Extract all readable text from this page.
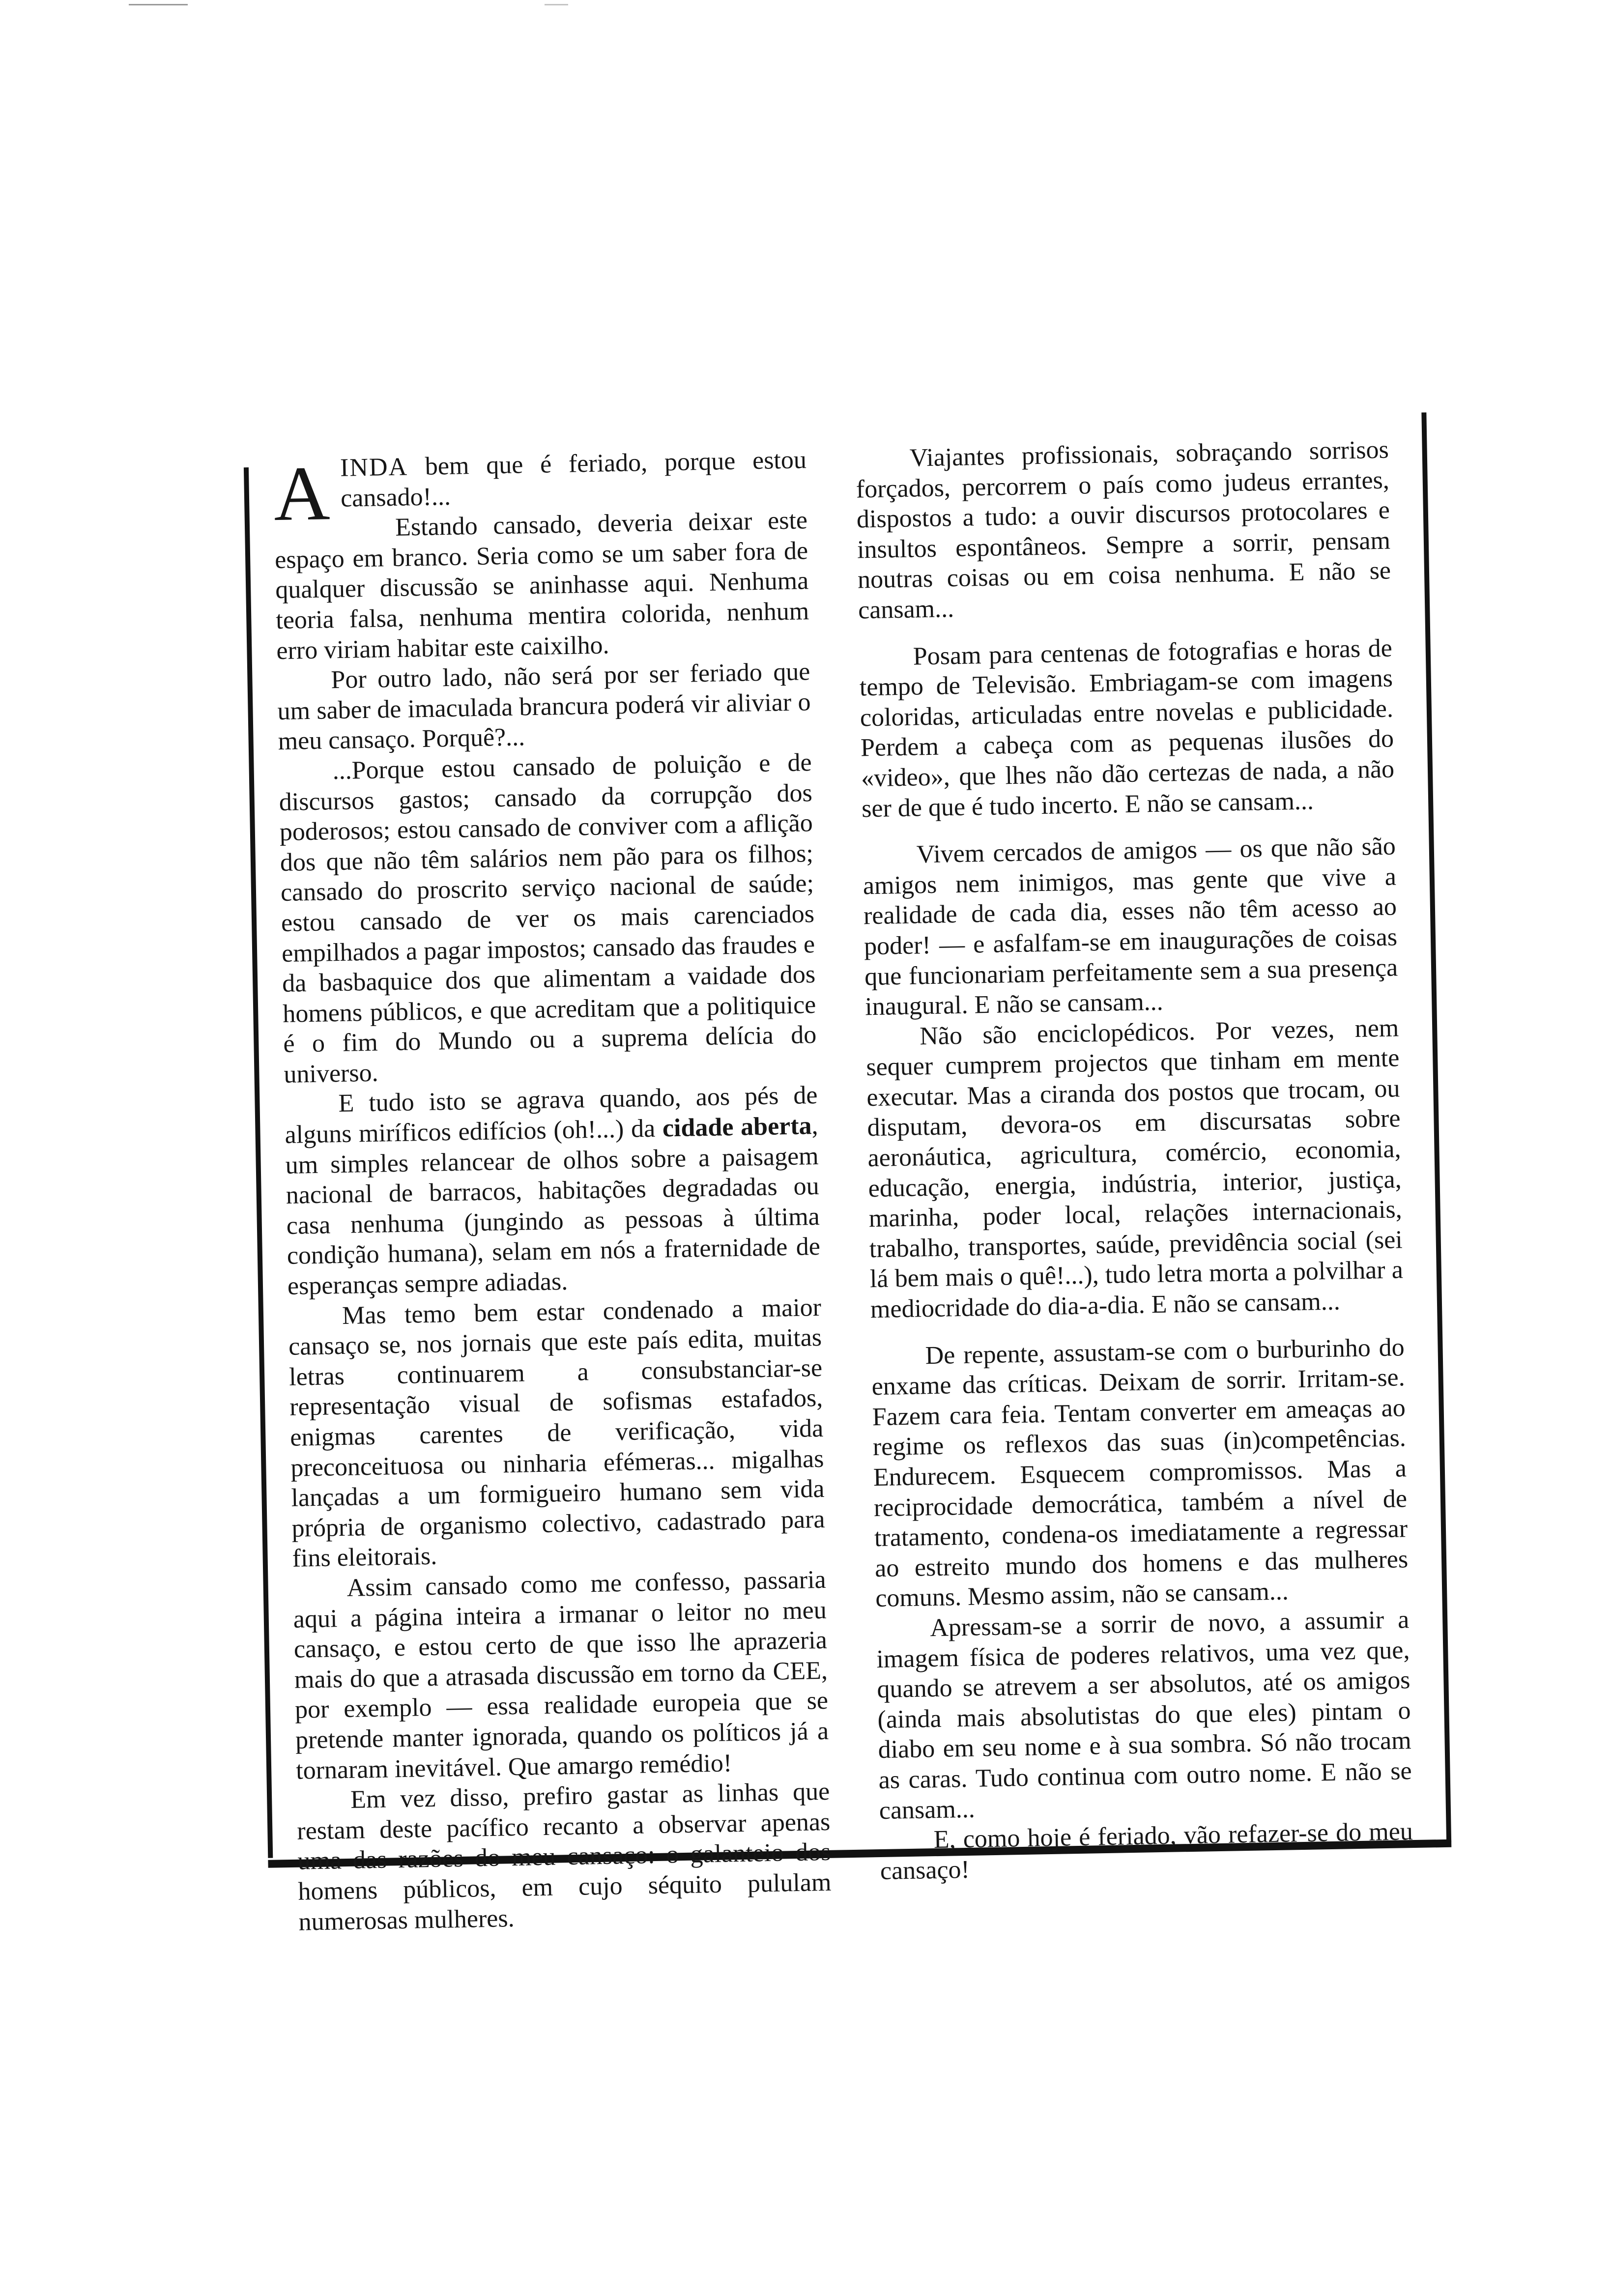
AINDA bem que é feriado, porque estou cansado!...

Estando cansado, deveria deixar este espaço em branco. Seria como se um saber fora de qualquer discussão se aninhasse aqui. Nenhuma teoria falsa, nenhuma mentira colorida, nenhum erro viriam habitar este caixilho.

Por outro lado, não será por ser feriado que um saber de imaculada brancura poderá vir aliviar o meu cansaço. Porquê?...

...Porque estou cansado de poluição e de discursos gastos; cansado da corrupção dos poderosos; estou cansado de conviver com a aflição dos que não têm salários nem pão para os filhos; cansado do proscrito serviço nacional de saúde; estou cansado de ver os mais carenciados empilhados a pagar impostos; cansado das fraudes e da basbaquice dos que alimentam a vaidade dos homens públicos, e que acreditam que a politiquice é o fim do Mundo ou a suprema delícia do universo.

E tudo isto se agrava quando, aos pés de alguns miríficos edifícios (oh!...) da cidade aberta, um simples relancear de olhos sobre a paisagem nacional de barracos, habitações degradadas ou casa nenhuma (jungindo as pessoas à última condição humana), selam em nós a fraternidade de esperanças sempre adiadas.

Mas temo bem estar condenado a maior cansaço se, nos jornais que este país edita, muitas letras continuarem a consubstanciar-se representação visual de sofismas estafados, enigmas carentes de verificação, vida preconceituosa ou ninharia efémeras... migalhas lançadas a um formigueiro humano sem vida própria de organismo colectivo, cadastrado para fins eleitorais.

Assim cansado como me confesso, passaria aqui a página inteira a irmanar o leitor no meu cansaço, e estou certo de que isso lhe aprazeria mais do que a atrasada discussão em torno da CEE, por exemplo — essa realidade europeia que se pretende manter ignorada, quando os políticos já a tornaram inevitável. Que amargo remédio!

Em vez disso, prefiro gastar as linhas que restam deste pacífico recanto a observar apenas uma das razões do meu cansaço: o galanteio dos homens públicos, em cujo séquito pululam numerosas mulheres.

Viajantes profissionais, sobraçando sorrisos forçados, percorrem o país como judeus errantes, dispostos a tudo: a ouvir discursos protocolares e insultos espontâneos. Sempre a sorrir, pensam noutras coisas ou em coisa nenhuma. E não se cansam...

Posam para centenas de fotografias e horas de tempo de Televisão. Embriagam-se com imagens coloridas, articuladas entre novelas e publicidade. Perdem a cabeça com as pequenas ilusões do «video», que lhes não dão certezas de nada, a não ser de que é tudo incerto. E não se cansam...

Vivem cercados de amigos — os que não são amigos nem inimigos, mas gente que vive a realidade de cada dia, esses não têm acesso ao poder! — e asfalfam-se em inaugurações de coisas que funcionariam perfeitamente sem a sua presença inaugural. E não se cansam...

Não são enciclopédicos. Por vezes, nem sequer cumprem projectos que tinham em mente executar. Mas a ciranda dos postos que trocam, ou disputam, devora-os em discursatas sobre aeronáutica, agricultura, comércio, economia, educação, energia, indústria, interior, justiça, marinha, poder local, relações internacionais, trabalho, transportes, saúde, previdência social (sei lá bem mais o quê!...), tudo letra morta a polvilhar a mediocridade do dia-a-dia. E não se cansam...

De repente, assustam-se com o burburinho do enxame das críticas. Deixam de sorrir. Irritam-se. Fazem cara feia. Tentam converter em ameaças ao regime os reflexos das suas (in)competências. Endurecem. Esquecem compromissos. Mas a reciprocidade democrática, também a nível de tratamento, condena-os imediatamente a regressar ao estreito mundo dos homens e das mulheres comuns. Mesmo assim, não se cansam...

Apressam-se a sorrir de novo, a assumir a imagem física de poderes relativos, uma vez que, quando se atrevem a ser absolutos, até os amigos (ainda mais absolutistas do que eles) pintam o diabo em seu nome e à sua sombra. Só não trocam as caras. Tudo continua com outro nome. E não se cansam...

E, como hoje é feriado, vão refazer-se do meu cansaço!
